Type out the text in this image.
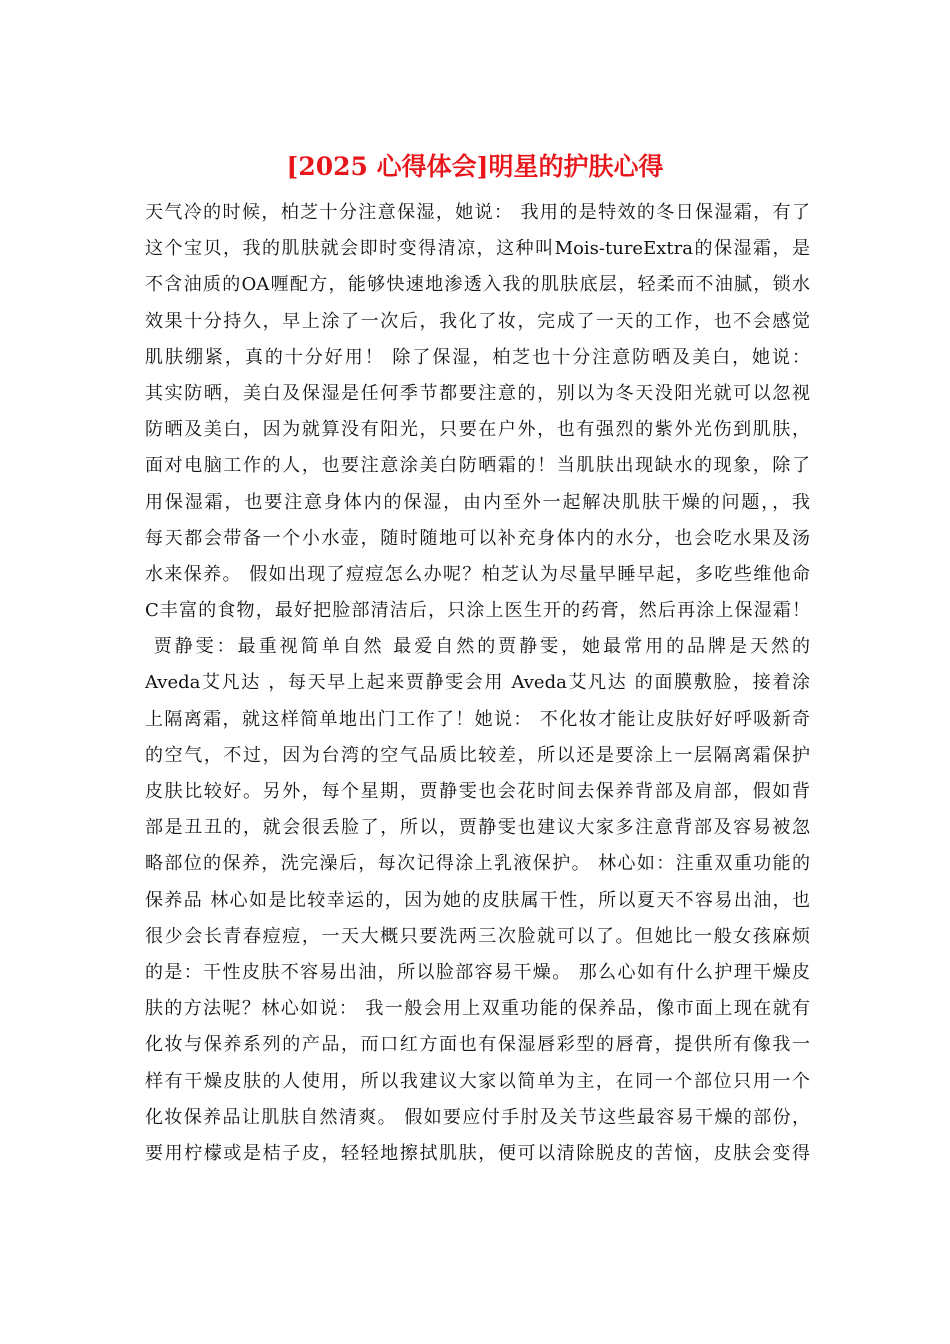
[2025 心得体会]明星的护肤心得
天气冷的时候，柏芝十分注意保湿，她说： 我用的是特效的冬日保湿霜，有了
这个宝贝，我的肌肤就会即时变得清凉，这种叫Mois-tureExtra的保湿霜，是
不含油质的OA喱配方，能够快速地渗透入我的肌肤底层，轻柔而不油腻，锁水
效果十分持久，早上涂了一次后，我化了妆，完成了一天的工作，也不会感觉
肌肤绷紧，真的十分好用！ 除了保湿，柏芝也十分注意防晒及美白，她说：
其实防晒，美白及保湿是任何季节都要注意的，别以为冬天没阳光就可以忽视
防晒及美白，因为就算没有阳光，只要在户外，也有强烈的紫外光伤到肌肤，
面对电脑工作的人，也要注意涂美白防晒霜的！当肌肤出现缺水的现象，除了
用保湿霜，也要注意身体内的保湿，由内至外一起解决肌肤干燥的问题，，我
每天都会带备一个小水壶，随时随地可以补充身体内的水分，也会吃水果及汤
水来保养。 假如出现了痘痘怎么办呢？柏芝认为尽量早睡早起，多吃些维他命
C丰富的食物，最好把脸部清洁后，只涂上医生开的药膏，然后再涂上保湿霜！
贾静雯：最重视简单自然 最爱自然的贾静雯，她最常用的品牌是天然的
Aveda艾凡达 ，每天早上起来贾静雯会用 Aveda艾凡达 的面膜敷脸，接着涂
上隔离霜，就这样简单地出门工作了！她说： 不化妆才能让皮肤好好呼吸新奇
的空气，不过，因为台湾的空气品质比较差，所以还是要涂上一层隔离霜保护
皮肤比较好。另外，每个星期，贾静雯也会花时间去保养背部及肩部，假如背
部是丑丑的，就会很丢脸了，所以，贾静雯也建议大家多注意背部及容易被忽
略部位的保养，洗完澡后，每次记得涂上乳液保护。 林心如：注重双重功能的
保养品 林心如是比较幸运的，因为她的皮肤属干性，所以夏天不容易出油，也
很少会长青春痘痘，一天大概只要洗两三次脸就可以了。但她比一般女孩麻烦
的是：干性皮肤不容易出油，所以脸部容易干燥。 那么心如有什么护理干燥皮
肤的方法呢？林心如说： 我一般会用上双重功能的保养品，像市面上现在就有
化妆与保养系列的产品，而口红方面也有保湿唇彩型的唇膏，提供所有像我一
样有干燥皮肤的人使用，所以我建议大家以简单为主，在同一个部位只用一个
化妆保养品让肌肤自然清爽。 假如要应付手肘及关节这些最容易干燥的部份，
要用柠檬或是桔子皮，轻轻地擦拭肌肤，便可以清除脱皮的苦恼，皮肤会变得
